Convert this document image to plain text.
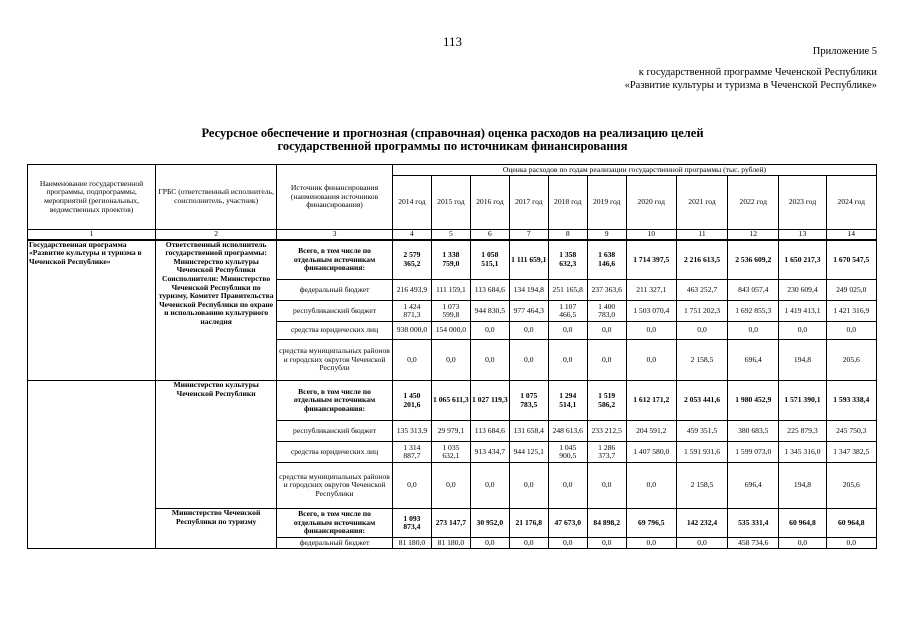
113
Приложение 5
к государственной программе Чеченской Республики
«Развитие культуры и туризма в Чеченской Республике»
Ресурсное обеспечение и прогнозная (справочная) оценка расходов на реализацию целей
государственной программы по источникам финансирования
Наименование государственной программы, подпрограммы, мероприятий (региональных, ведомственных проектов)	ГРБС (ответственный исполнитель, соисполнитель, участник)	Источник финансирования (наименования источников финансирования)	Оценка расходов по годам реализации государственной программы (тыс. рублей)										
			2014 год	2015 год	2016 год	2017 год	2018 год	2019 год	2020 год	2021 год	2022 год	2023 год	2024 год
1	2	3	4	5	6	7	8	9	10	11	12	13	14
Государственная программа «Развитие культуры и туризма в Чеченской Республике»	Ответственный исполнитель государственной программы: Министерство культуры Чеченской Республики Соисполнители: Министерство Чеченской Республики по туризму, Комитет Правительства Чеченской Республики по охране и использованию культурного наследия	Всего, в том числе по отдельным источникам финансирования:	2 579 365,2	1 338 759,0	1 058 515,1	1 111 659,1	1 358 632,3	1 638 146,6	1 714 397,5	2 216 613,5	2 536 609,2	1 650 217,3	1 670 547,5
		федеральный бюджет	216 493,9	111 159,1	113 684,6	134 194,8	251 165,8	237 363,6	211 327,1	463 252,7	843 057,4	230 609,4	249 025,0
		республиканский бюджет	1 424 871,3	1 073 599,8	944 830,5	977 464,3	1 107 466,5	1 400 783,0	1 503 070,4	1 751 202,3	1 692 855,3	1 419 413,1	1 421 316,9
		средства юридических лиц	938 000,0	154 000,0	0,0	0,0	0,0	0,0	0,0	0,0	0,0	0,0	0,0
		средства муниципальных районов и городских округов Чеченской Республи	0,0	0,0	0,0	0,0	0,0	0,0	0,0	2 158,5	696,4	194,8	205,6
	Министерство культуры Чеченской Республики	Всего, в том числе по отдельным источникам финансирования:	1 450 201,6	1 065 611,3	1 027 119,3	1 075 783,5	1 294 514,1	1 519 586,2	1 612 171,2	2 053 441,6	1 980 452,9	1 571 390,1	1 593 338,4
		республиканский бюджет	135 313,9	29 979,1	113 684,6	131 658,4	248 613,6	233 212,5	204 591,2	459 351,5	380 683,5	225 879,3	245 750,3
		средства юридических лиц	1 314 887,7	1 035 632,1	913 434,7	944 125,1	1 045 900,5	1 286 373,7	1 407 580,0	1 591 931,6	1 599 073,0	1 345 316,0	1 347 382,5
		средства муниципальных районов и городских округов Чеченской Республики	0,0	0,0	0,0	0,0	0,0	0,0	0,0	2 158,5	696,4	194,8	205,6
	Министерство Чеченской Республики по туризму	Всего, в том числе по отдельным источникам финансирования:	1 093 873,4	273 147,7	30 952,0	21 176,8	47 673,0	84 898,2	69 796,5	142 232,4	535 331,4	60 964,8	60 964,8
		федеральный бюджет	81 180,0	81 180,0	0,0	0,0	0,0	0,0	0,0	0,0	458 734,6	0,0	0,0
